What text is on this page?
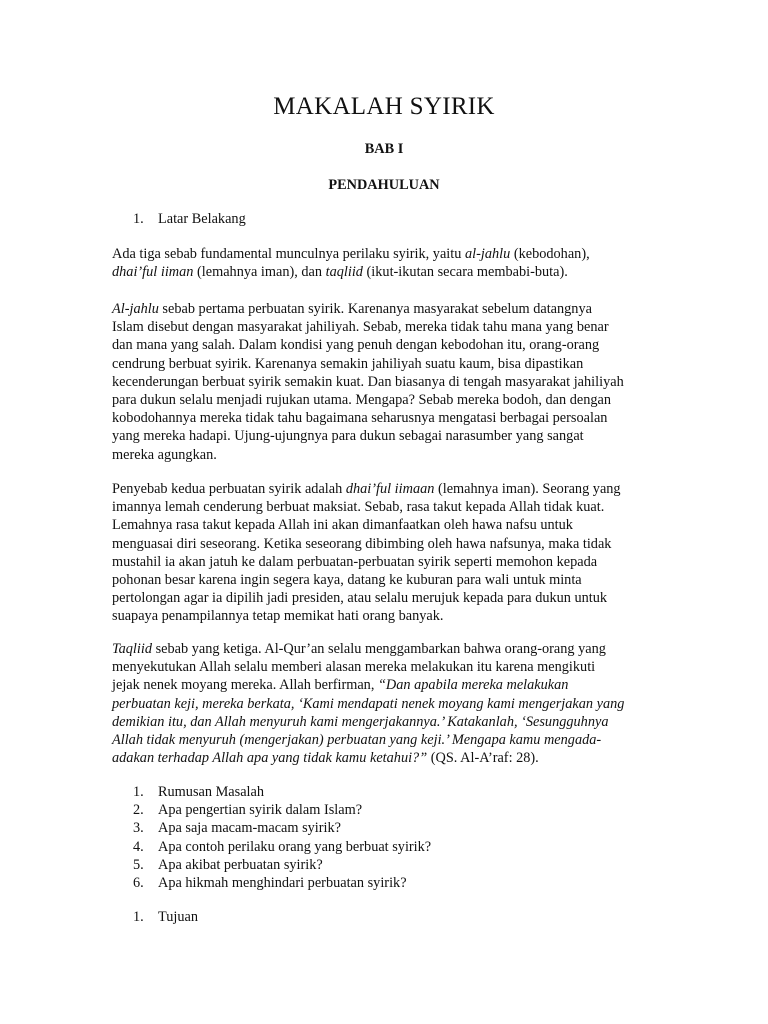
MAKALAH SYIRIK
BAB I
PENDAHULUAN
1. Latar Belakang
Ada tiga sebab fundamental munculnya perilaku syirik, yaitu al-jahlu (kebodohan),
dhai’ful iiman (lemahnya iman), dan taqliid (ikut-ikutan secara membabi-buta).
Al-jahlu sebab pertama perbuatan syirik. Karenanya masyarakat sebelum datangnya
Islam disebut dengan masyarakat jahiliyah. Sebab, mereka tidak tahu mana yang benar
dan mana yang salah. Dalam kondisi yang penuh dengan kebodohan itu, orang-orang
cendrung berbuat syirik. Karenanya semakin jahiliyah suatu kaum, bisa dipastikan
kecenderungan berbuat syirik semakin kuat. Dan biasanya di tengah masyarakat jahiliyah
para dukun selalu menjadi rujukan utama. Mengapa? Sebab mereka bodoh, dan dengan
kobodohannya mereka tidak tahu bagaimana seharusnya mengatasi berbagai persoalan
yang mereka hadapi. Ujung-ujungnya para dukun sebagai narasumber yang sangat
mereka agungkan.
Penyebab kedua perbuatan syirik adalah dhai’ful iimaan (lemahnya iman). Seorang yang
imannya lemah cenderung berbuat maksiat. Sebab, rasa takut kepada Allah tidak kuat.
Lemahnya rasa takut kepada Allah ini akan dimanfaatkan oleh hawa nafsu untuk
menguasai diri seseorang. Ketika seseorang dibimbing oleh hawa nafsunya, maka tidak
mustahil ia akan jatuh ke dalam perbuatan-perbuatan syirik seperti memohon kepada
pohonan besar karena ingin segera kaya, datang ke kuburan para wali untuk minta
pertolongan agar ia dipilih jadi presiden, atau selalu merujuk kepada para dukun untuk
suapaya penampilannya tetap memikat hati orang banyak.
Taqliid sebab yang ketiga. Al-Qur’an selalu menggambarkan bahwa orang-orang yang
menyekutukan Allah selalu memberi alasan mereka melakukan itu karena mengikuti
jejak nenek moyang mereka. Allah berfirman, “Dan apabila mereka melakukan
perbuatan keji, mereka berkata, ‘Kami mendapati nenek moyang kami mengerjakan yang
demikian itu, dan Allah menyuruh kami mengerjakannya.’ Katakanlah, ‘Sesungguhnya
Allah tidak menyuruh (mengerjakan) perbuatan yang keji.’ Mengapa kamu mengada-
adakan terhadap Allah apa yang tidak kamu ketahui?” (QS. Al-A’raf: 28).
1. Rumusan Masalah
2. Apa pengertian syirik dalam Islam?
3. Apa saja macam-macam syirik?
4. Apa contoh perilaku orang yang berbuat syirik?
5. Apa akibat perbuatan syirik?
6. Apa hikmah menghindari perbuatan syirik?
1. Tujuan
